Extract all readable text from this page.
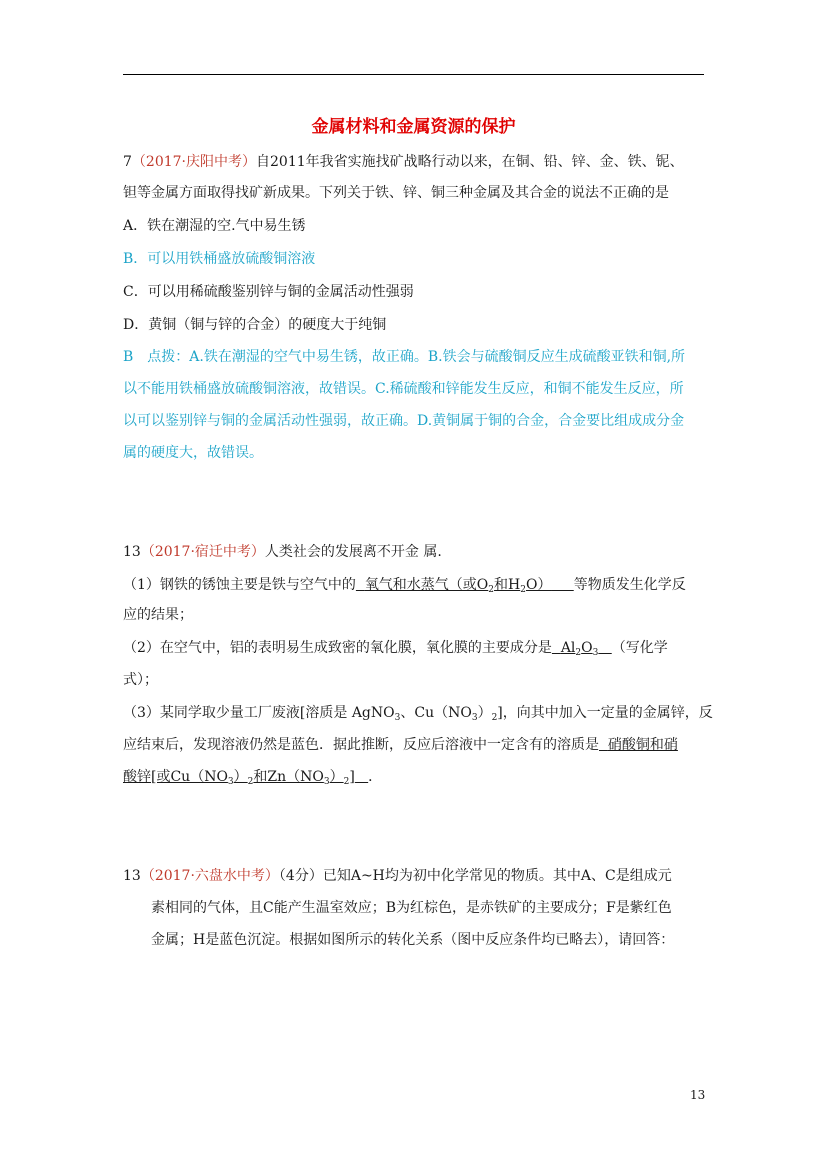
金属材料和金属资源的保护
7（2017·庆阳中考）自2011年我省实施找矿战略行动以来，在铜、铅、锌、金、铁、铌、
钽等金属方面取得找矿新成果。下列关于铁、锌、铜三种金属及其合金的说法不正确的是
A．铁在潮湿的空.气中易生锈
B．可以用铁桶盛放硫酸铜溶液
C．可以用稀硫酸鉴别锌与铜的金属活动性强弱
D．黄铜（铜与锌的合金）的硬度大于纯铜
B　点拨：A.铁在潮湿的空气中易生锈，故正确。B.铁会与硫酸铜反应生成硫酸亚铁和铜,所
以不能用铁桶盛放硫酸铜溶液，故错误。C.稀硫酸和锌能发生反应，和铜不能发生反应，所
以可以鉴别锌与铜的金属活动性强弱，故正确。D.黄铜属于铜的合金，合金要比组成成分金
属的硬度大，故错误。
13（2017·宿迁中考）人类社会的发展离不开金 属.
（1）钢铁的锈蚀主要是铁与空气中的 氧气和水蒸气（或$O_2$和$H_2O$） 等物质发生化学反
应的结果；
（2）在空气中，铝的表明易生成致密的氧化膜，氧化膜的主要成分是 $Al_2O_3$ （写化学
式）；
（3）某同学取少量工厂废液[溶质是 AgNO$_3$、$Cu(NO_3)_2$]，向其中加入一定量的金属锌，反
应结束后，发现溶液仍然是蓝色．据此推断，反应后溶液中一定含有的溶质是 硝酸铜和硝
酸锌[或$Cu(NO_3)_2$和$Zn(NO_3)_2$] ．
13（2017·六盘水中考）（4分）已知A~H均为初中化学常见的物质。其中A、C是组成元
素相同的气体，且C能产生温室效应；B为红棕色，是赤铁矿的主要成分；F是紫红色
金属；H是蓝色沉淀。根据如图所示的转化关系（图中反应条件均已略去），请回答：
13
